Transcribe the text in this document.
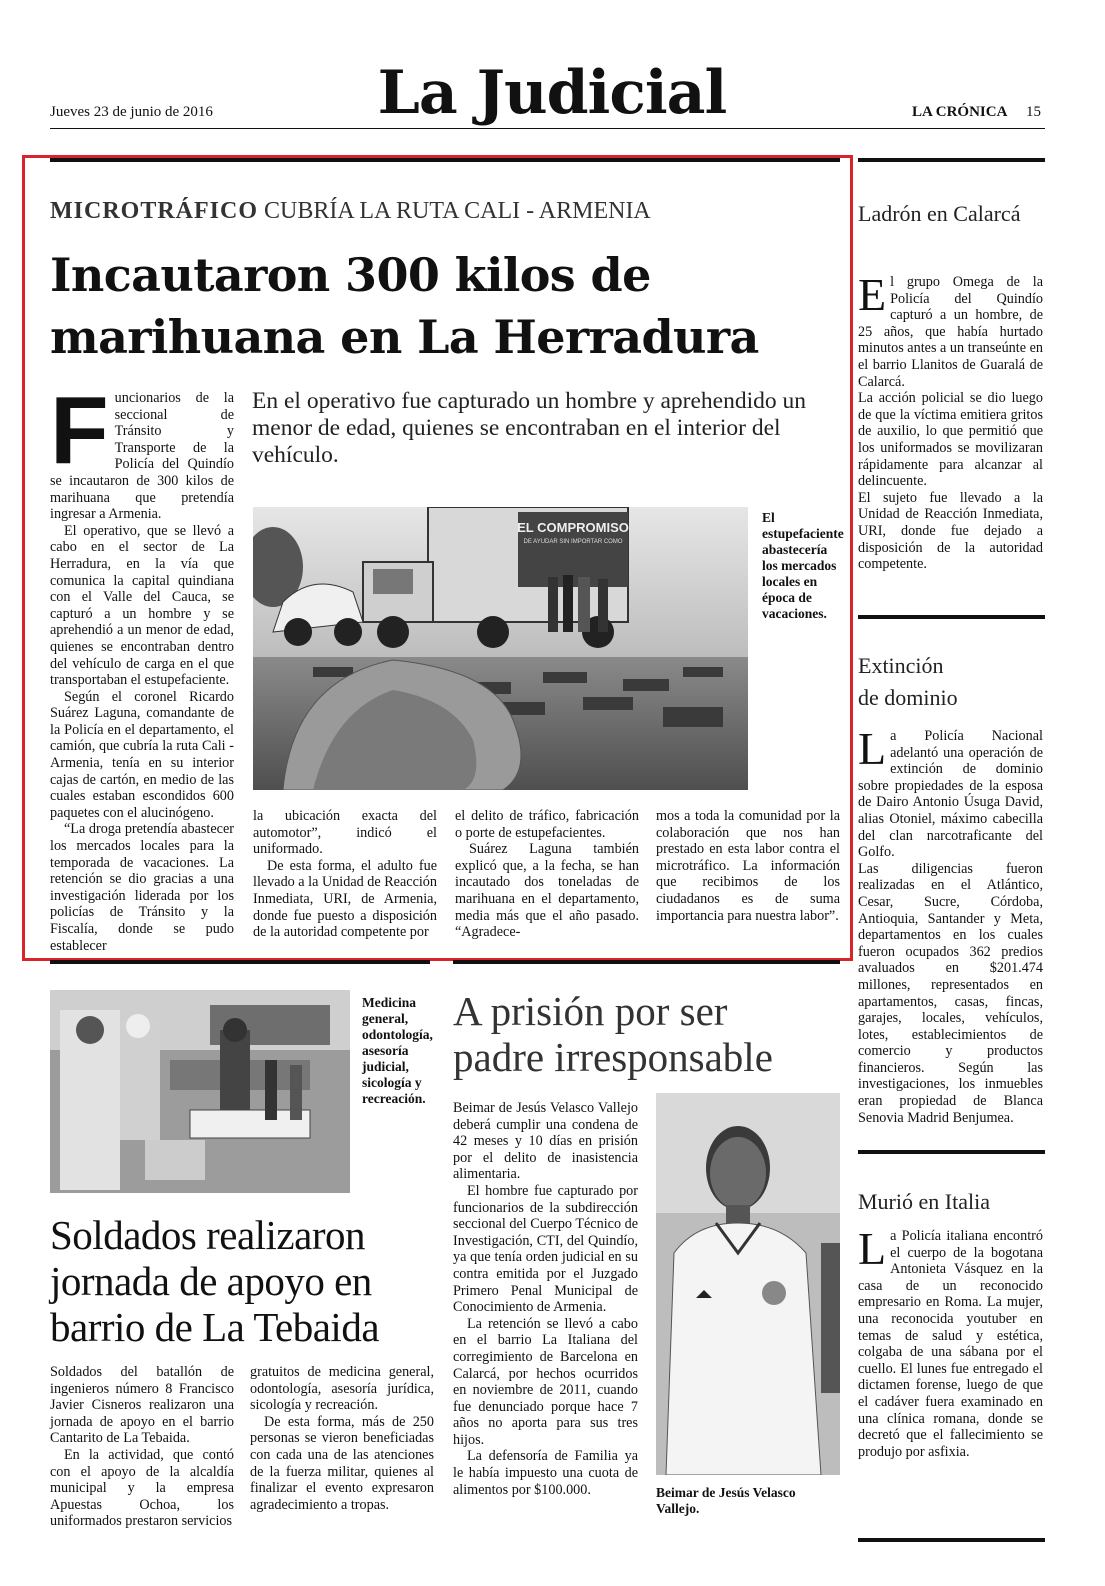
Jueves 23 de junio de 2016	La Judicial	LA CRÓNICA 15
MICROTRÁFICO CUBRÍA LA RUTA CALI - ARMENIA
Incautaron 300 kilos de
marihuana en La Herradura
F uncionarios de la seccional de Tránsito y Transporte de la Policía del Quindío se incautaron de 300 kilos de marihuana que pretendía ingresar a Armenia.

El operativo, que se llevó a cabo en el sector de La Herradura, en la vía que comunica la capital quindiana con el Valle del Cauca, se capturó a un hombre y se aprehendió a un menor de edad, quienes se encontraban dentro del vehículo de carga en el que transportaban el estupefaciente.

Según el coronel Ricardo Suárez Laguna, comandante de la Policía en el departamento, el camión, que cubría la ruta Cali - Armenia, tenía en su interior cajas de cartón, en medio de las cuales estaban escondidos 600 paquetes con el alucinógeno.

“La droga pretendía abastecer los mercados locales para la temporada de vacaciones. La retención se dio gracias a una investigación liderada por los policías de Tránsito y la Fiscalía, donde se pudo establecer

En el operativo fue capturado un hombre y aprehendido un menor de edad, quienes se encontraban en el interior del vehículo.
EL COMPROMISO
DE AYUDAR SIN IMPORTAR COMO
El estupefaciente abastecería los mercados locales en época de vacaciones.

la ubicación exacta del automotor”, indicó el uniformado.

De esta forma, el adulto fue llevado a la Unidad de Reacción Inmediata, URI, de Armenia, donde fue puesto a disposición de la autoridad competente por

el delito de tráfico, fabricación o porte de estupefacientes.

Suárez Laguna también explicó que, a la fecha, se han incautado dos toneladas de marihuana en el departamento, media más que el año pasado. “Agradece-

mos a toda la comunidad por la colaboración que nos han prestado en esta labor contra el microtráfico. La información que recibimos de los ciudadanos es de suma importancia para nuestra labor”.

Ladrón en Calarcá
E l grupo Omega de la Policía del Quindío capturó a un hombre, de 25 años, que había hurtado minutos antes a un transeúnte en el barrio Llanitos de Guaralá de Calarcá.

La acción policial se dio luego de que la víctima emitiera gritos de auxilio, lo que permitió que los uniformados se movilizaran rápidamente para alcanzar al delincuente.

El sujeto fue llevado a la Unidad de Reacción Inmediata, URI, donde fue dejado a disposición de la autoridad competente.

Extinción
de dominio
L a Policía Nacional adelantó una operación de extinción de dominio sobre propiedades de la esposa de Dairo Antonio Úsuga David, alias Otoniel, máximo cabecilla del clan narcotraficante del Golfo.

Las diligencias fueron realizadas en el Atlántico, Cesar, Sucre, Córdoba, Antioquia, Santander y Meta, departamentos en los cuales fueron ocupados 362 predios avaluados en $201.474 millones, representados en apartamentos, casas, fincas, garajes, locales, vehículos, lotes, establecimientos de comercio y productos financieros. Según las investigaciones, los inmuebles eran propiedad de Blanca Senovia Madrid Benjumea.

Murió en Italia
L a Policía italiana encontró el cuerpo de la bogotana Antonieta Vásquez en la casa de un reconocido empresario en Roma. La mujer, una reconocida youtuber en temas de salud y estética, colgaba de una sábana por el cuello. El lunes fue entregado el dictamen forense, luego de que el cadáver fuera examinado en una clínica romana, donde se decretó que el fallecimiento se produjo por asfixia.

Medicina general, odontología, asesoría judicial, sicología y recreación.
Soldados realizaron
jornada de apoyo en
barrio de La Tebaida

Soldados del batallón de ingenieros número 8 Francisco Javier Cisneros realizaron una jornada de apoyo en el barrio Cantarito de La Tebaida.

En la actividad, que contó con el apoyo de la alcaldía municipal y la empresa Apuestas Ochoa, los uniformados prestaron servicios

gratuitos de medicina general, odontología, asesoría jurídica, sicología y recreación.

De esta forma, más de 250 personas se vieron beneficiadas con cada una de las atenciones de la fuerza militar, quienes al finalizar el evento expresaron agradecimiento a tropas.

A prisión por ser
padre irresponsable

Beimar de Jesús Velasco Vallejo deberá cumplir una condena de 42 meses y 10 días en prisión por el delito de inasistencia alimentaria.

El hombre fue capturado por funcionarios de la subdirección seccional del Cuerpo Técnico de Investigación, CTI, del Quindío, ya que tenía orden judicial en su contra emitida por el Juzgado Primero Penal Municipal de Conocimiento de Armenia.

La retención se llevó a cabo en el barrio La Italiana del corregimiento de Barcelona en Calarcá, por hechos ocurridos en noviembre de 2011, cuando fue denunciado porque hace 7 años no aporta para sus tres hijos.

La defensoría de Familia ya le había impuesto una cuota de alimentos por $100.000.	Beimar de Jesús Velasco Vallejo.
